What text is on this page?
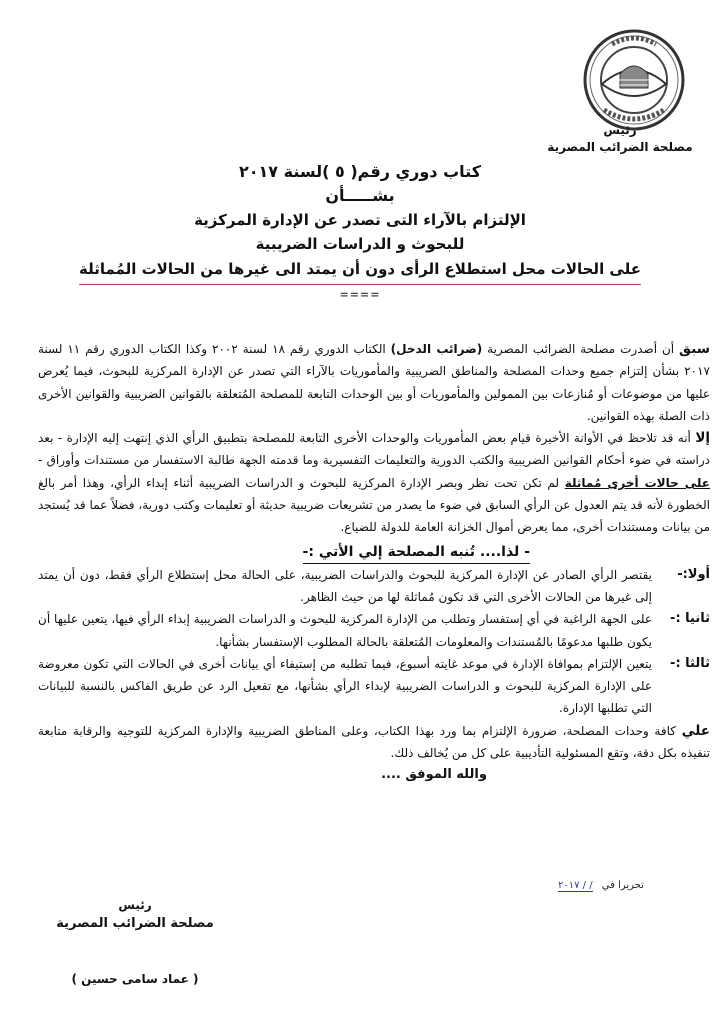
رئيس
مصلحة الضرائب المصرية
كتاب دوري رقم( ٥ )لسنة ٢٠١٧
بشـــــأن
الإلتزام بالآراء التى تصدر عن الإدارة المركزية
للبحوث و الدراسات الضريبية
على الحالات محل استطلاع الرأى دون أن يمتد الى غيرها من الحالات المُماثلة
====

سبق أن أصدرت مصلحة الضرائب المصرية (ضرائب الدخل) الكتاب الدوري رقم ١٨ لسنة ٢٠٠٢ وكذا الكتاب الدوري رقم ١١ لسنة ٢٠١٧ بشأن إلتزام جميع وحدات المصلحة والمناطق الضريبية والمأموريات بالآراء التي تصدر عن الإدارة المركزية للبحوث، فيما يُعرض عليها من موضوعات أو مُنازعات بين الممولين والمأموريات أو بين الوحدات التابعة للمصلحة المُتعلقة بالقوانين الضريبية والقوانين الأخرى ذات الصلة بهذه القوانين.

إلا أنه قد تلاحظ في الأوانة الأخيرة قيام بعض المأموريات والوحدات الأخرى التابعة للمصلحة بتطبيق الرأي الذي إنتهت إليه الإدارة - بعد دراسته في ضوء أحكام القوانين الضريبية والكتب الدورية والتعليمات التفسيرية وما قدمته الجهة طالبة الاستفسار من مستندات وأوراق - على حالات أخرى مُماثلة لم تكن تحت نظر وبصر الإدارة المركزية للبحوث و الدراسات الضريبية أثناء إبداء الرأي، وهذا أمر بالغ الخطورة لأنه قد يتم العدول عن الرأي السابق في ضوء ما يصدر من تشريعات ضريبية حديثة أو تعليمات وكتب دورية، فضلاً عما قد يُستجد من بيانات ومستندات أخرى، مما يعرض أموال الخزانة العامة للدولة للضياع.

- لذا.... تُنبه المصلحة إلي الأتي :-
أولا:-
يقتصر الرأي الصادر عن الإدارة المركزية للبحوث والدراسات الضريبية، على الحالة محل إستطلاع الرأي فقط، دون أن يمتد إلى غيرها من الحالات الأخرى التي قد تكون مُماثلة لها من حيث الظاهر.
ثانيا :-
على الجهة الراغبة في أي إستفسار وتطلب من الإدارة المركزية للبحوث و الدراسات الضريبية إبداء الرأي فيها، يتعين عليها أن يكون طلبها مدعومًا بالمُستندات والمعلومات المُتعلقة بالحالة المطلوب الإستفسار بشأنها.
ثالثا :-
يتعين الإلتزام بموافاة الإدارة في موعد غايته أسبوع، فيما تطلبه من إستيفاء أي بيانات أخرى في الحالات التي تكون معروضة على الإدارة المركزية للبحوث و الدراسات الضريبية لإبداء الرأي بشأنها، مع تفعيل الرد عن طريق الفاكس بالنسبة للبيانات التي تطلبها الإدارة.

علي كافة وحدات المصلحة، ضرورة الإلتزام بما ورد بهذا الكتاب، وعلى المناطق الضريبية والإدارة المركزية للتوجيه والرقابة متابعة تنفيذه بكل دقة، وتقع المسئولية التأديبية على كل من يُخالف ذلك.

والله الموفق ....
تحريرا في / / ٢٠١٧
رئيس
مصلحة الضرائب المصرية
( عماد سامى حسين )
